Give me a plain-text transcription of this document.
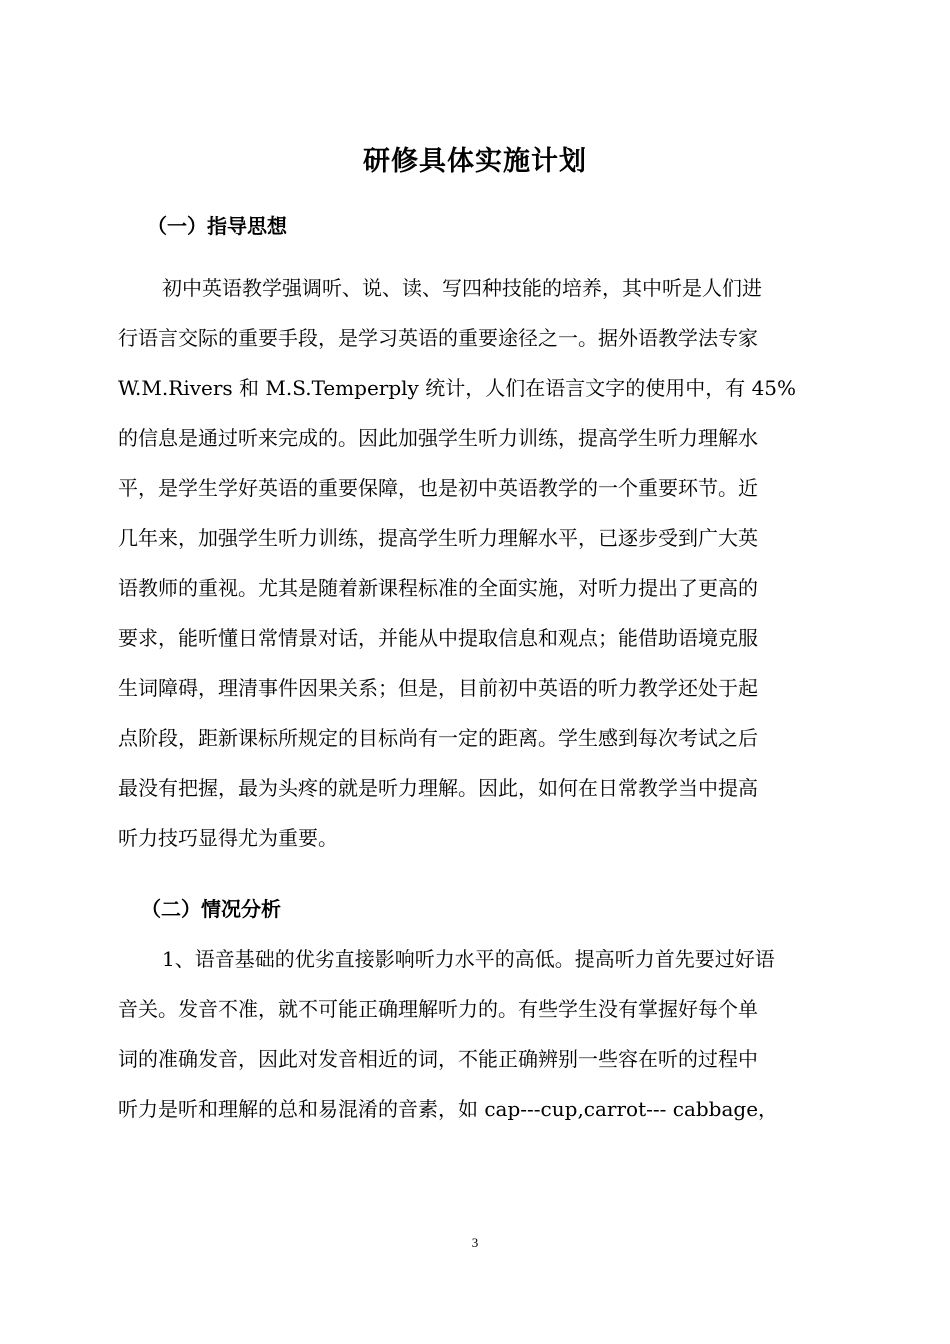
研修具体实施计划
（一）指导思想
初中英语教学强调听、说、读、写四种技能的培养，其中听是人们进
行语言交际的重要手段，是学习英语的重要途径之一。据外语教学法专家
W.M.Rivers 和 M.S.Temperply 统计，人们在语言文字的使用中，有 45%
的信息是通过听来完成的。因此加强学生听力训练，提高学生听力理解水
平，是学生学好英语的重要保障，也是初中英语教学的一个重要环节。近
几年来，加强学生听力训练，提高学生听力理解水平，已逐步受到广大英
语教师的重视。尤其是随着新课程标准的全面实施，对听力提出了更高的
要求，能听懂日常情景对话，并能从中提取信息和观点；能借助语境克服
生词障碍，理清事件因果关系；但是，目前初中英语的听力教学还处于起
点阶段，距新课标所规定的目标尚有一定的距离。学生感到每次考试之后
最没有把握，最为头疼的就是听力理解。因此，如何在日常教学当中提高
听力技巧显得尤为重要。
（二）情况分析
1、语音基础的优劣直接影响听力水平的高低。提高听力首先要过好语
音关。发音不准，就不可能正确理解听力的。有些学生没有掌握好每个单
词的准确发音，因此对发音相近的词，不能正确辨别一些容在听的过程中
听力是听和理解的总和易混淆的音素，如 cap---cup,carrot--- cabbage，
3
